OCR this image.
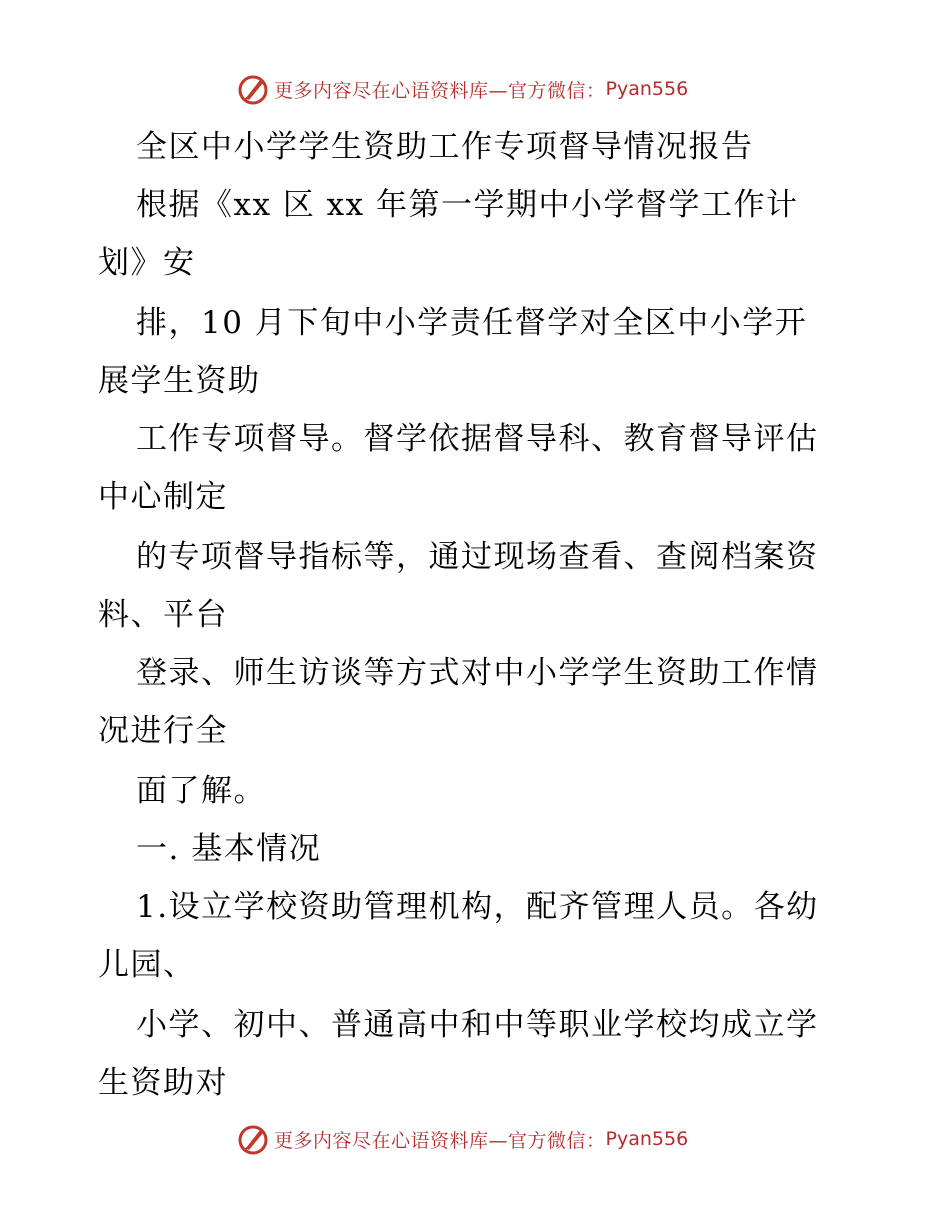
更多内容尽在心语资料库—官方微信： Pyan556
全区中小学学生资助工作专项督导情况报告
根据《xx 区 xx 年第一学期中小学督学工作计
划》安
排，10 月下旬中小学责任督学对全区中小学开
展学生资助
工作专项督导。督学依据督导科、教育督导评估
中心制定
的专项督导指标等，通过现场查看、查阅档案资
料、平台
登录、师生访谈等方式对中小学学生资助工作情
况进行全
面了解。
一. 基本情况
1.设立学校资助管理机构，配齐管理人员。各幼
儿园、
小学、初中、普通高中和中等职业学校均成立学
生资助对
更多内容尽在心语资料库—官方微信： Pyan556
